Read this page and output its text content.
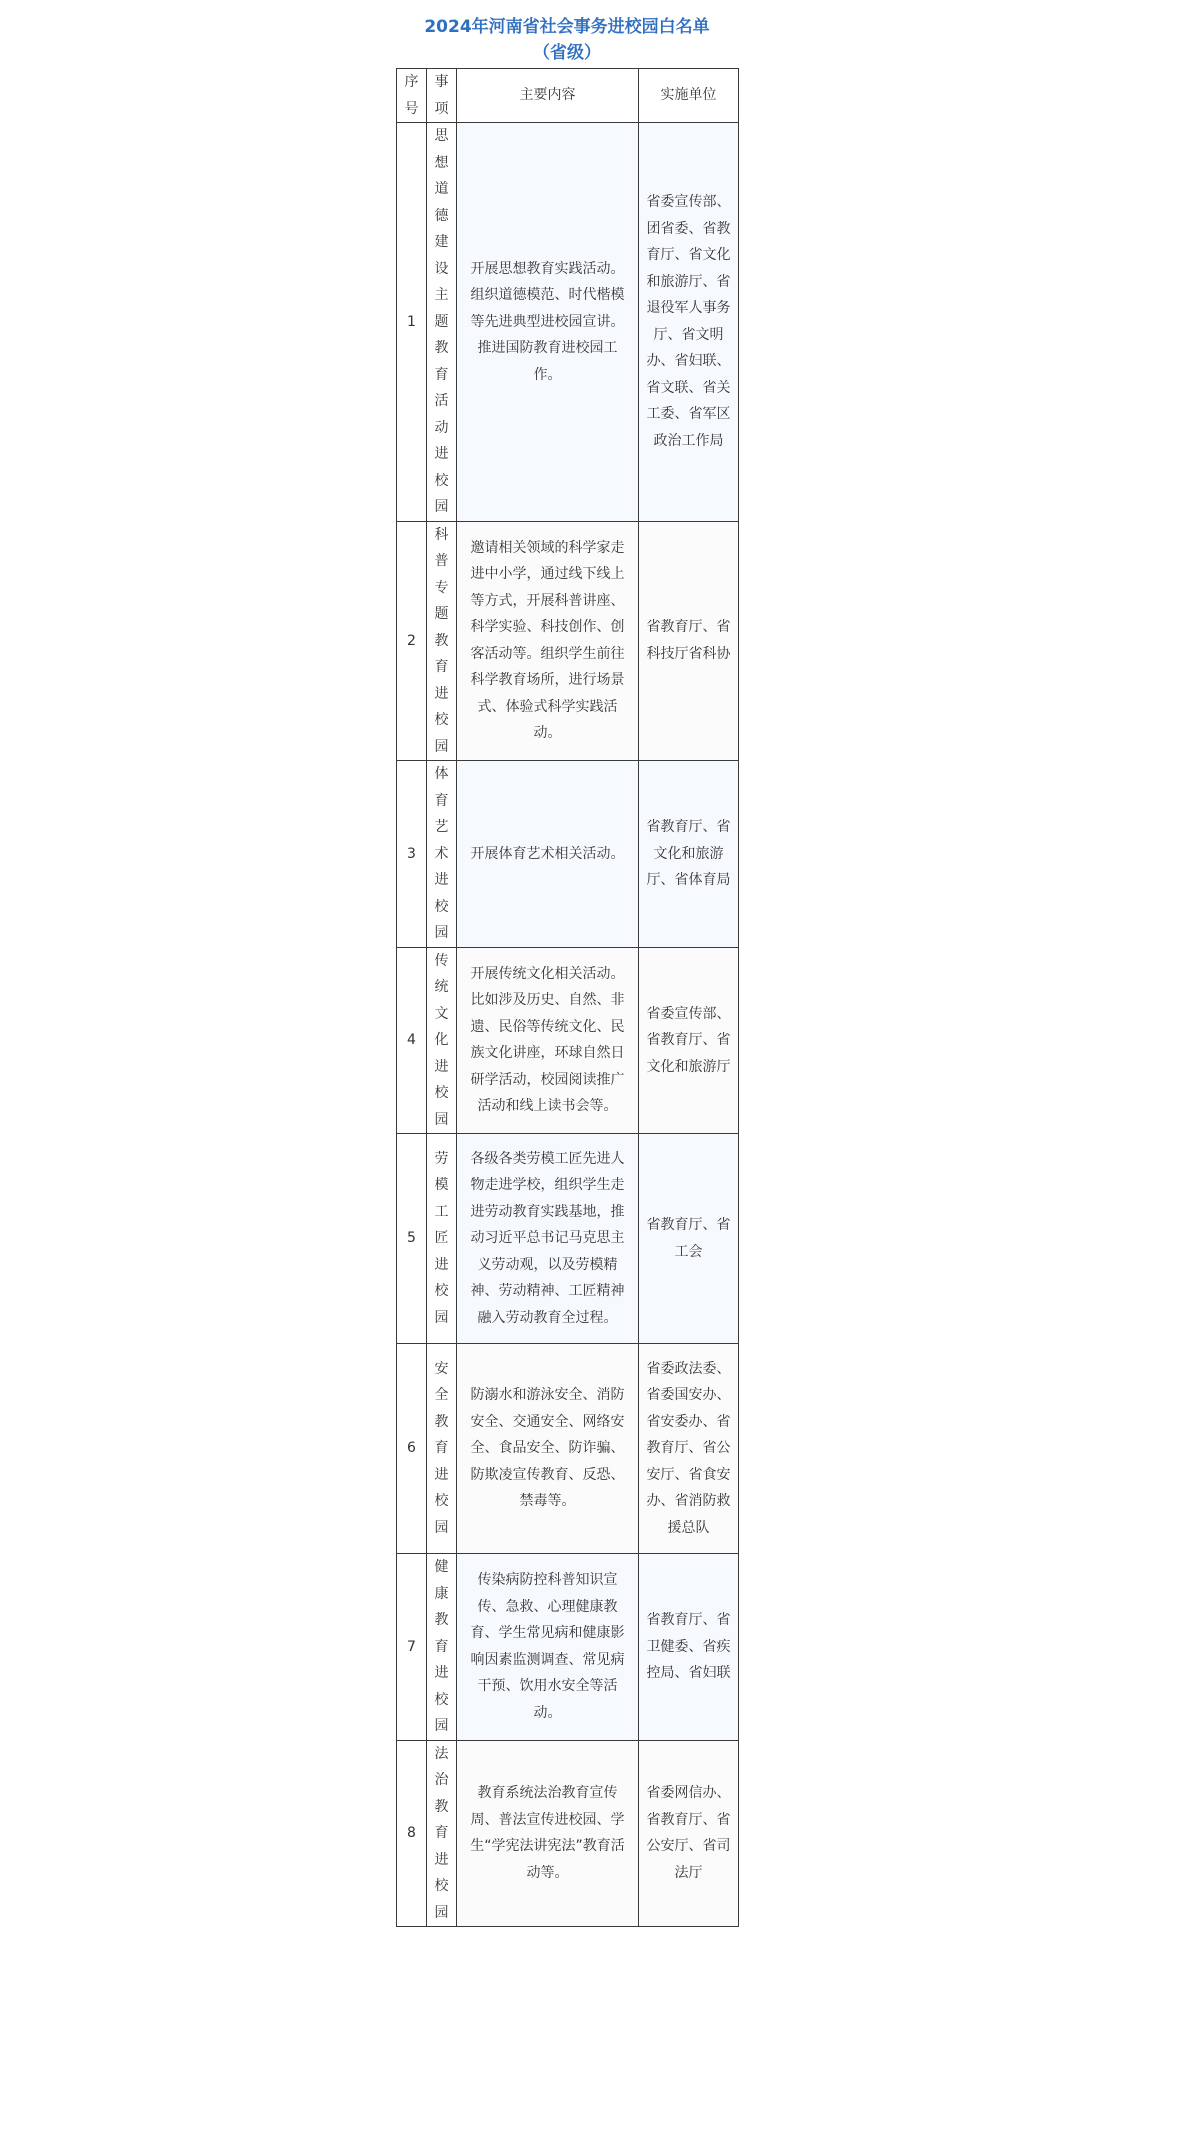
2024年河南省社会事务进校园白名单
（省级）
序号	事项	主要内容	实施单位
1	思想道德建设主题教育活动进校园	开展思想教育实践活动。组织道德模范、时代楷模等先进典型进校园宣讲。推进国防教育进校园工作。	省委宣传部、团省委、省教育厅、省文化和旅游厅、省退役军人事务厅、省文明办、省妇联、省文联、省关工委、省军区政治工作局

2	科普专题教育进校园	邀请相关领域的科学家走进中小学，通过线下线上等方式，开展科普讲座、科学实验、科技创作、创客活动等。组织学生前往科学教育场所，进行场景式、体验式科学实践活动。	省教育厅、省科技厅省科协

3	体育艺术进校园	开展体育艺术相关活动。	省教育厅、省文化和旅游厅、省体育局

4	传统文化进校园	开展传统文化相关活动。比如涉及历史、自然、非遗、民俗等传统文化、民族文化讲座，环球自然日研学活动，校园阅读推广活动和线上读书会等。	省委宣传部、省教育厅、省文化和旅游厅

5	劳模工匠进校园	各级各类劳模工匠先进人物走进学校，组织学生走进劳动教育实践基地，推动习近平总书记马克思主义劳动观，以及劳模精神、劳动精神、工匠精神融入劳动教育全过程。	省教育厅、省工会

6	安全教育进校园	防溺水和游泳安全、消防安全、交通安全、网络安全、食品安全、防诈骗、防欺凌宣传教育、反恐、禁毒等。	省委政法委、省委国安办、省安委办、省教育厅、省公安厅、省食安办、省消防救援总队

7	健康教育进校园	传染病防控科普知识宣传、急救、心理健康教育、学生常见病和健康影响因素监测调查、常见病干预、饮用水安全等活动。	省教育厅、省卫健委、省疾控局、省妇联

8	法治教育进校园	教育系统法治教育宣传周、普法宣传进校园、学生“学宪法讲宪法”教育活动等。	省委网信办、省教育厅、省公安厅、省司法厅
